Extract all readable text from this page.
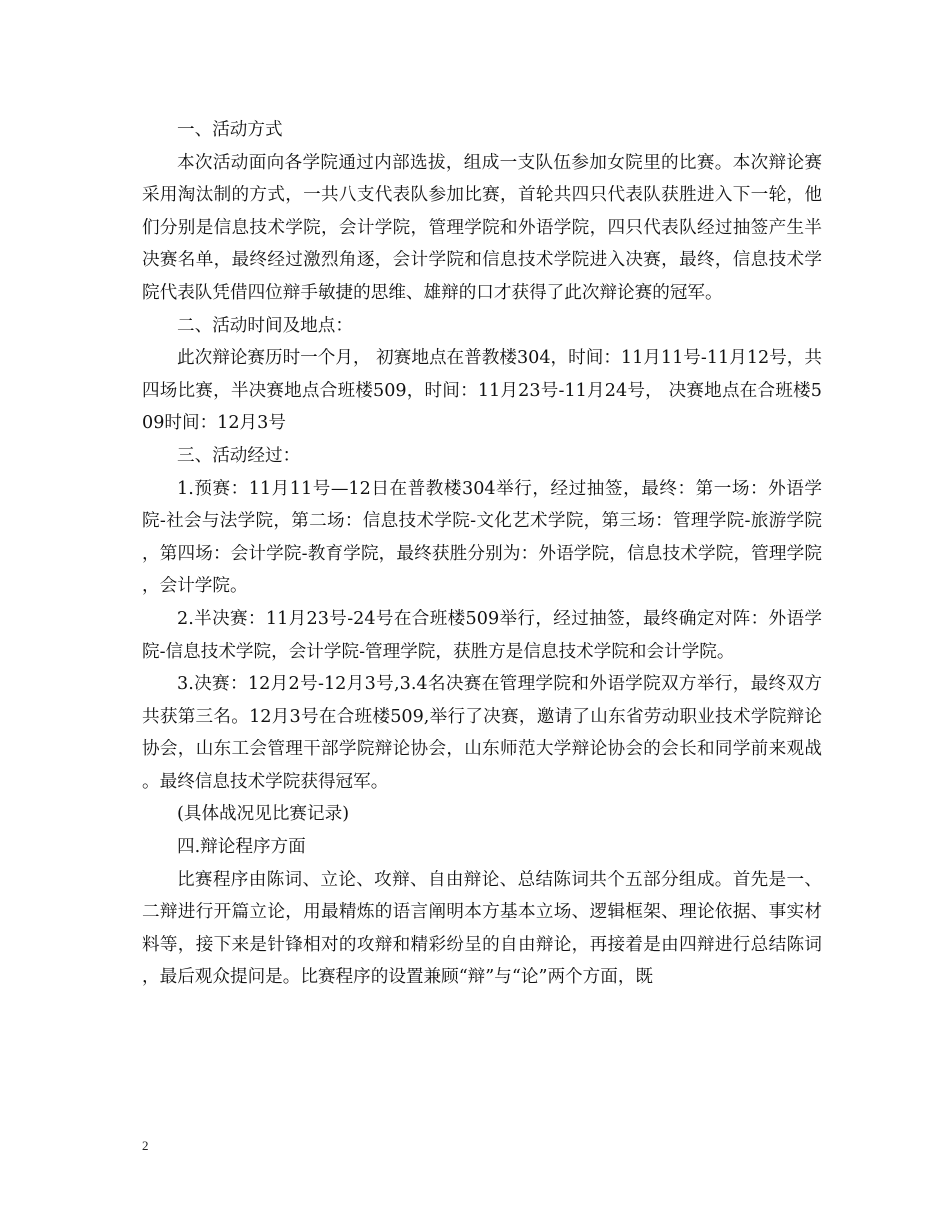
一、活动方式

本次活动面向各学院通过内部选拔，组成一支队伍参加女院里的比赛。本次辩论赛采用淘汰制的方式，一共八支代表队参加比赛，首轮共四只代表队获胜进入下一轮，他们分别是信息技术学院，会计学院，管理学院和外语学院，四只代表队经过抽签产生半决赛名单，最终经过激烈角逐，会计学院和信息技术学院进入决赛，最终，信息技术学院代表队凭借四位辩手敏捷的思维、雄辩的口才获得了此次辩论赛的冠军。

二、活动时间及地点：

此次辩论赛历时一个月， 初赛地点在普教楼304，时间：11月11号-11月12号，共四场比赛，半决赛地点合班楼509，时间：11月23号-11月24号， 决赛地点在合班楼509时间：12月3号

三、活动经过：

1.预赛：11月11号—12日在普教楼304举行，经过抽签，最终：第一场：外语学院-社会与法学院，第二场：信息技术学院-文化艺术学院，第三场：管理学院-旅游学院，第四场：会计学院-教育学院，最终获胜分别为：外语学院，信息技术学院，管理学院，会计学院。

2.半决赛：11月23号-24号在合班楼509举行，经过抽签，最终确定对阵：外语学院-信息技术学院，会计学院-管理学院，获胜方是信息技术学院和会计学院。

3.决赛：12月2号-12月3号,3.4名决赛在管理学院和外语学院双方举行，最终双方共获第三名。12月3号在合班楼509,举行了决赛，邀请了山东省劳动职业技术学院辩论协会，山东工会管理干部学院辩论协会，山东师范大学辩论协会的会长和同学前来观战。最终信息技术学院获得冠军。

(具体战况见比赛记录)

四.辩论程序方面

比赛程序由陈词、立论、攻辩、自由辩论、总结陈词共个五部分组成。首先是一、二辩进行开篇立论，用最精炼的语言阐明本方基本立场、逻辑框架、理论依据、事实材料等，接下来是针锋相对的攻辩和精彩纷呈的自由辩论，再接着是由四辩进行总结陈词，最后观众提问是。比赛程序的设置兼顾“辩”与“论”两个方面，既

2
